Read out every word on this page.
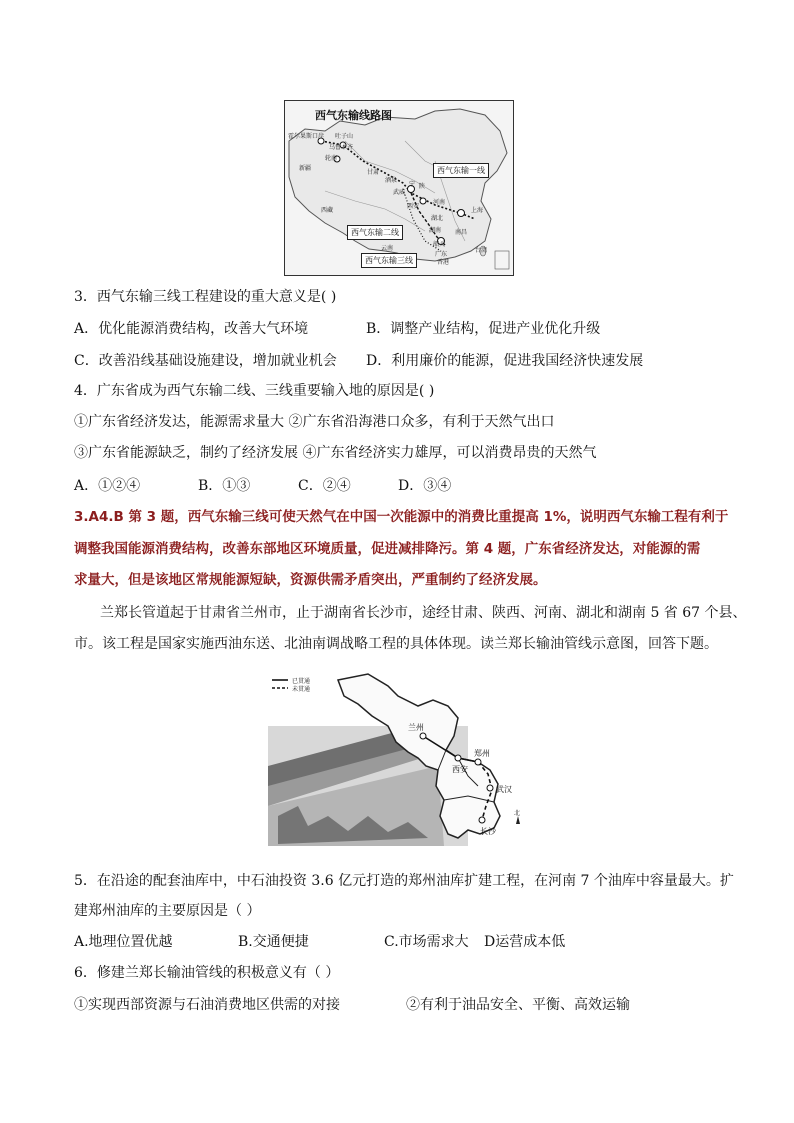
西气东输线路图
霍尔果斯口岸 吐子山
乌鲁木齐
轮南
新疆
甘肃
酒泉
武威
西藏
西安
上海
云南
湖南
广东
香港
台湾
南昌
韶关
宁 陕
河南
湖北
西气东输一线
西气东输二线
西气东输三线
3．西气东输三线工程建设的重大意义是( )
A．优化能源消费结构，改善大气环境	B．调整产业结构，促进产业优化升级
C．改善沿线基础设施建设，增加就业机会 D．利用廉价的能源，促进我国经济快速发展
4．广东省成为西气东输二线、三线重要输入地的原因是( )
①广东省经济发达，能源需求量大 ②广东省沿海港口众多，有利于天然气出口
③广东省能源缺乏，制约了经济发展 ④广东省经济实力雄厚，可以消费昂贵的天然气
A．①②④	B．①③	C．②④	D．③④
3.A4.B 第 3 题，西气东输三线可使天然气在中国一次能源中的消费比重提高 1%，说明西气东输工程有利于
调整我国能源消费结构，改善东部地区环境质量，促进减排降污。第 4 题，广东省经济发达，对能源的需
求量大，但是该地区常规能源短缺，资源供需矛盾突出，严重制约了经济发展。
兰郑长管道起于甘肃省兰州市，止于湖南省长沙市，途经甘肃、陕西、河南、湖北和湖南 5 省 67 个县、
市。该工程是国家实施西油东送、北油南调战略工程的具体体现。读兰郑长输油管线示意图，回答下题。
已贯通
未贯通
兰州
西安
郑州
武汉
长沙
北
5．在沿途的配套油库中，中石油投资 3.6 亿元打造的郑州油库扩建工程，在河南 7 个油库中容量最大。扩
建郑州油库的主要原因是（ ）
A.地理位置优越	B.交通便捷	C.市场需求大 D运营成本低
6．修建兰郑长输油管线的积极意义有（ ）
①实现西部资源与石油消费地区供需的对接	②有利于油品安全、平衡、高效运输
